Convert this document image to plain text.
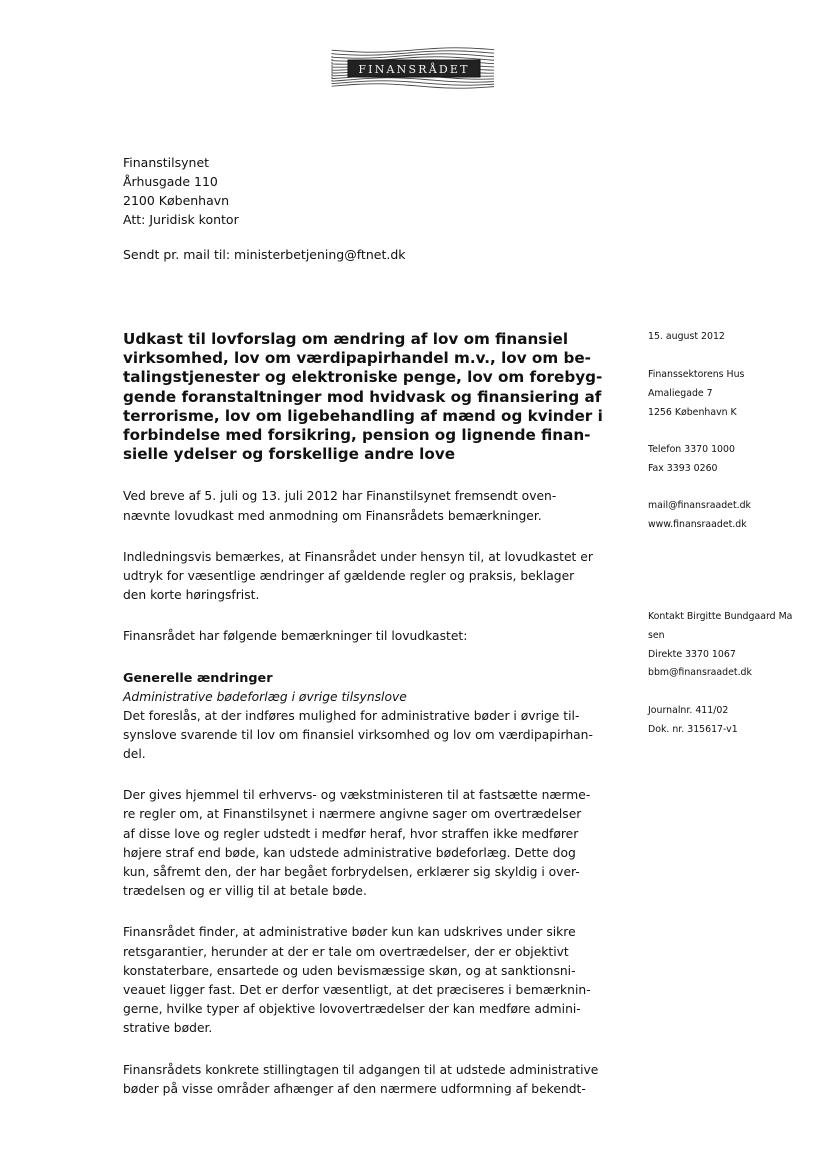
FINANSRÅDET
Finanstilsynet
Århusgade 110
2100 København
Att: Juridisk kontor
Sendt pr. mail til: ministerbetjening@ftnet.dk
Udkast til lovforslag om ændring af lov om finansiel
virksomhed, lov om værdipapirhandel m.v., lov om be-
talingstjenester og elektroniske penge, lov om forebyg-
gende foranstaltninger mod hvidvask og finansiering af
terrorisme, lov om ligebehandling af mænd og kvinder i
forbindelse med forsikring, pension og lignende finan-
sielle ydelser og forskellige andre love
Ved breve af 5. juli og 13. juli 2012 har Finanstilsynet fremsendt oven-
nævnte lovudkast med anmodning om Finansrådets bemærkninger.
Indledningsvis bemærkes, at Finansrådet under hensyn til, at lovudkastet er
udtryk for væsentlige ændringer af gældende regler og praksis, beklager
den korte høringsfrist.
Finansrådet har følgende bemærkninger til lovudkastet:
Generelle ændringer
Administrative bødeforlæg i øvrige tilsynslove
Det foreslås, at der indføres mulighed for administrative bøder i øvrige til-
synslove svarende til lov om finansiel virksomhed og lov om værdipapirhan-
del.
Der gives hjemmel til erhvervs- og vækstministeren til at fastsætte nærme-
re regler om, at Finanstilsynet i nærmere angivne sager om overtrædelser
af disse love og regler udstedt i medfør heraf, hvor straffen ikke medfører
højere straf end bøde, kan udstede administrative bødeforlæg. Dette dog
kun, såfremt den, der har begået forbrydelsen, erklærer sig skyldig i over-
trædelsen og er villig til at betale bøde.
Finansrådet finder, at administrative bøder kun kan udskrives under sikre
retsgarantier, herunder at der er tale om overtrædelser, der er objektivt
konstaterbare, ensartede og uden bevismæssige skøn, og at sanktionsni-
veauet ligger fast. Det er derfor væsentligt, at det præciseres i bemærknin-
gerne, hvilke typer af objektive lovovertrædelser der kan medføre admini-
strative bøder.
Finansrådets konkrete stillingtagen til adgangen til at udstede administrative
bøder på visse områder afhænger af den nærmere udformning af bekendt-
15. august 2012
Finanssektorens Hus
Amaliegade 7
1256 København K
Telefon 3370 1000
Fax 3393 0260
mail@finansraadet.dk
www.finansraadet.dk
Kontakt Birgitte Bundgaard Ma
sen
Direkte 3370 1067
bbm@finansraadet.dk
Journalnr. 411/02
Dok. nr. 315617-v1
